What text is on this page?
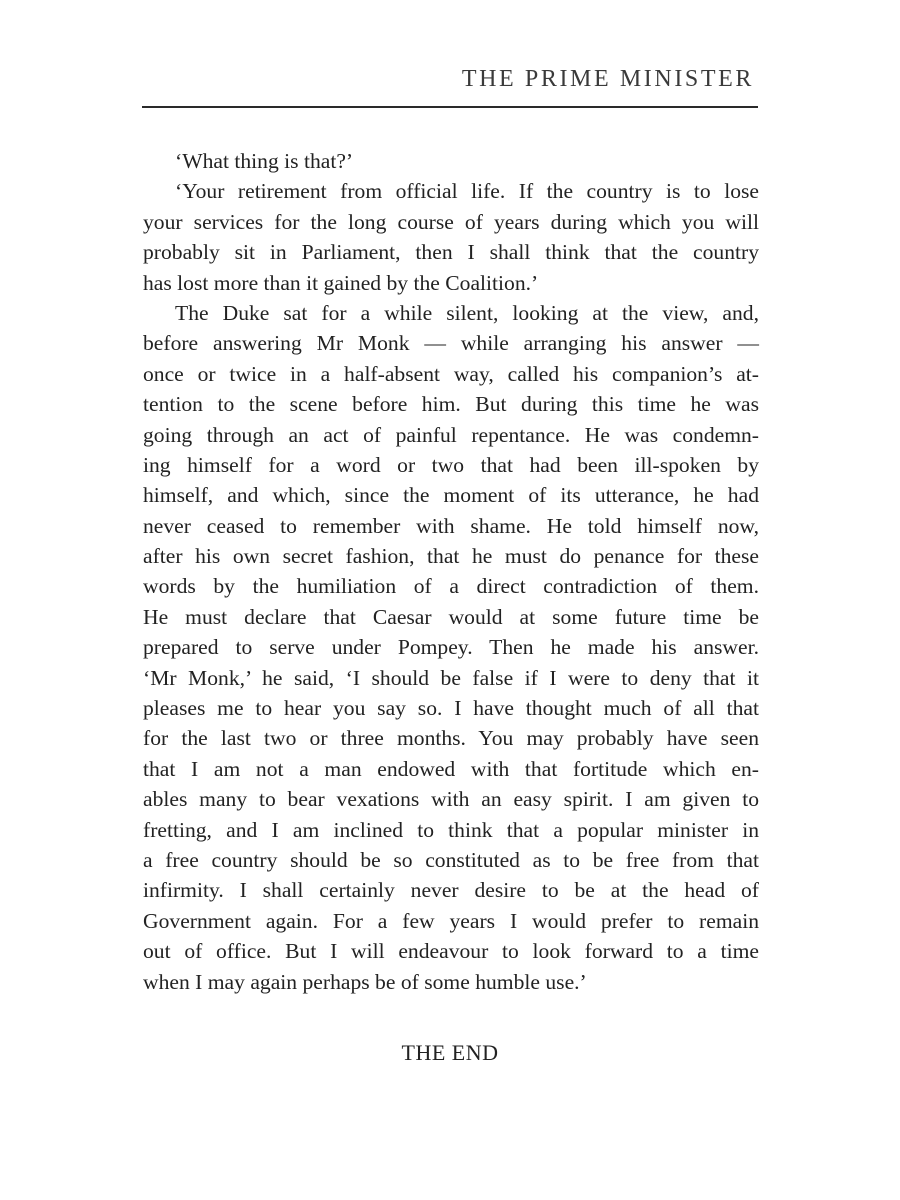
THE PRIME MINISTER
‘What thing is that?’
‘Your retirement from official life. If the country is to lose
your services for the long course of years during which you will
probably sit in Parliament, then I shall think that the country
has lost more than it gained by the Coalition.’
The Duke sat for a while silent, looking at the view, and,
before answering Mr Monk — while arranging his answer —
once or twice in a half-absent way, called his companion’s at-
tention to the scene before him. But during this time he was
going through an act of painful repentance. He was condemn-
ing himself for a word or two that had been ill-spoken by
himself, and which, since the moment of its utterance, he had
never ceased to remember with shame. He told himself now,
after his own secret fashion, that he must do penance for these
words by the humiliation of a direct contradiction of them.
He must declare that Caesar would at some future time be
prepared to serve under Pompey. Then he made his answer.
‘Mr Monk,’ he said, ‘I should be false if I were to deny that it
pleases me to hear you say so. I have thought much of all that
for the last two or three months. You may probably have seen
that I am not a man endowed with that fortitude which en-
ables many to bear vexations with an easy spirit. I am given to
fretting, and I am inclined to think that a popular minister in
a free country should be so constituted as to be free from that
infirmity. I shall certainly never desire to be at the head of
Government again. For a few years I would prefer to remain
out of office. But I will endeavour to look forward to a time
when I may again perhaps be of some humble use.’
THE END
